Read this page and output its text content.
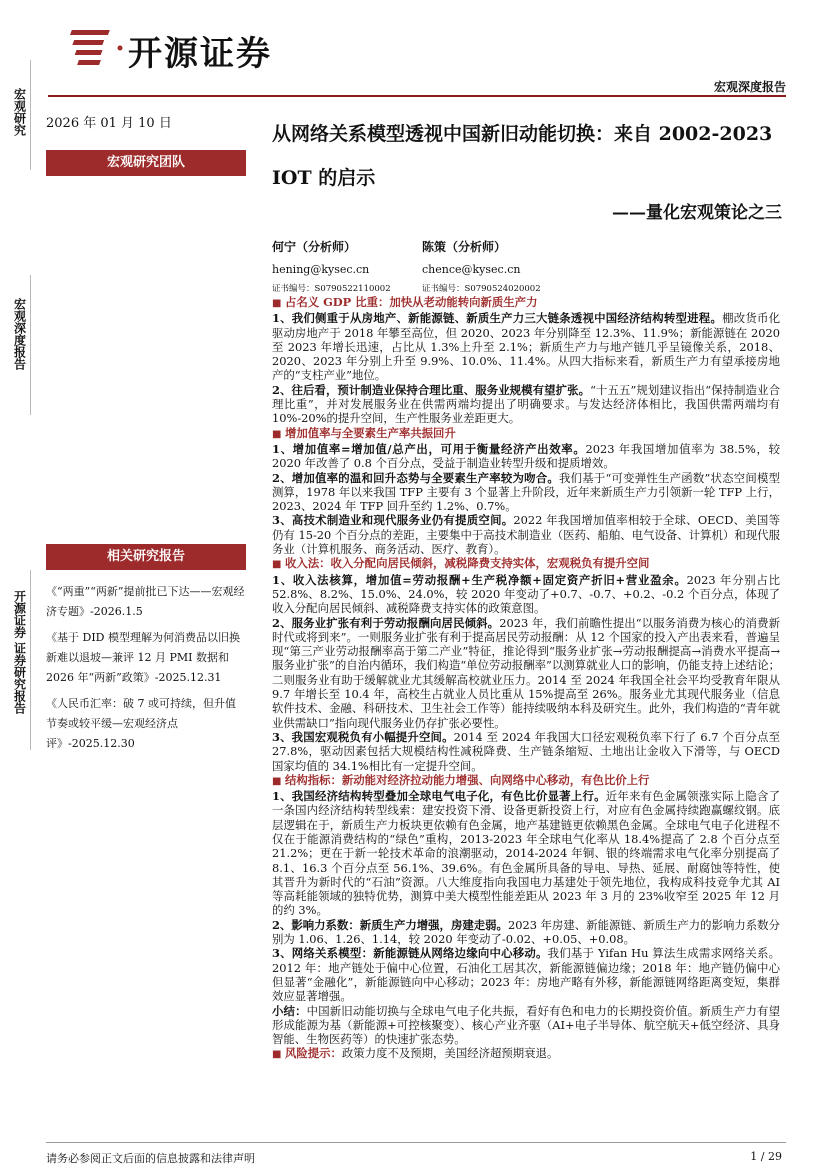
开源证券
宏观深度报告
宏观研究
宏观深度报告
开源证券 证券研究报告
2026 年 01 月 10 日
宏观研究团队
相关研究报告
《“两重”“两新”提前批已下达——宏观经济专题》-2026.1.5
《基于 DID 模型理解为何消费品以旧换新难以退坡—兼评 12 月 PMI 数据和 2026 年“两新”政策》-2025.12.31
《人民币汇率：破 7 或可持续，但升值节奏或较平缓—宏观经济点评》-2025.12.30
从网络关系模型透视中国新旧动能切换：来自 2002-2023 IOT 的启示
——量化宏观策论之三
何宁（分析师）
hening@kysec.cn
证书编号：S0790522110002
陈策（分析师）
chence@kysec.cn
证书编号：S0790524020002

■ 占名义 GDP 比重：加快从老动能转向新质生产力

1、我们侧重于从房地产、新能源链、新质生产力三大链条透视中国经济结构转型进程。棚改货币化驱动房地产于 2018 年攀至高位，但 2020、2023 年分别降至 12.3%、11.9%；新能源链在 2020 至 2023 年增长迅速，占比从 1.3%上升至 2.1%；新质生产力与地产链几乎呈镜像关系，2018、2020、2023 年分别上升至 9.9%、10.0%、11.4%。从四大指标来看，新质生产力有望承接房地产的“支柱产业”地位。

2、往后看，预计制造业保持合理比重、服务业规模有望扩张。“十五五”规划建议指出“保持制造业合理比重”，并对发展服务业在供需两端均提出了明确要求。与发达经济体相比，我国供需两端均有 10%-20%的提升空间，生产性服务业差距更大。

■ 增加值率与全要素生产率共振回升

1、增加值率=增加值/总产出，可用于衡量经济产出效率。2023 年我国增加值率为 38.5%，较 2020 年改善了 0.8 个百分点，受益于制造业转型升级和提质增效。

2、增加值率的温和回升态势与全要素生产率较为吻合。我们基于“可变弹性生产函数”状态空间模型测算，1978 年以来我国 TFP 主要有 3 个显著上升阶段，近年来新质生产力引领新一轮 TFP 上行，2023、2024 年 TFP 回升至约 1.2%、0.7%。

3、高技术制造业和现代服务业仍有提质空间。2022 年我国增加值率相较于全球、OECD、美国等仍有 15-20 个百分点的差距，主要集中于高技术制造业（医药、船舶、电气设备、计算机）和现代服务业（计算机服务、商务活动、医疗、教育）。

■ 收入法：收入分配向居民倾斜，减税降费支持实体，宏观税负有提升空间

1、收入法核算，增加值=劳动报酬+生产税净额+固定资产折旧+营业盈余。2023 年分别占比 52.8%、8.2%、15.0%、24.0%，较 2020 年变动了+0.7、-0.7、+0.2、-0.2 个百分点，体现了收入分配向居民倾斜、减税降费支持实体的政策意图。

2、服务业扩张有利于劳动报酬向居民倾斜。2023 年，我们前瞻性提出“以服务消费为核心的消费新时代或将到来”。一则服务业扩张有利于提高居民劳动报酬：从 12 个国家的投入产出表来看，普遍呈现“第三产业劳动报酬率高于第二产业”特征，推论得到“服务业扩张→劳动报酬提高→消费水平提高→服务业扩张”的自治内循环，我们构造“单位劳动报酬率”以测算就业人口的影响，仍能支持上述结论；二则服务业有助于缓解就业尤其缓解高校就业压力。2014 至 2024 年我国全社会平均受教育年限从 9.7 年增长至 10.4 年，高校生占就业人员比重从 15%提高至 26%。服务业尤其现代服务业（信息软件技术、金融、科研技术、卫生社会工作等）能持续吸纳本科及研究生。此外，我们构造的“青年就业供需缺口”指向现代服务业仍存扩张必要性。

3、我国宏观税负有小幅提升空间。2014 至 2024 年我国大口径宏观税负率下行了 6.7 个百分点至 27.8%，驱动因素包括大规模结构性减税降费、生产链条缩短、土地出让金收入下滑等，与 OECD 国家均值的 34.1%相比有一定提升空间。

■ 结构指标：新动能对经济拉动能力增强、向网络中心移动，有色比价上行

1、我国经济结构转型叠加全球电气电子化，有色比价显著上行。近年来有色金属领涨实际上隐含了一条国内经济结构转型线索：建安投资下滑、设备更新投资上行，对应有色金属持续跑赢螺纹钢。底层逻辑在于，新质生产力板块更依赖有色金属，地产基建链更依赖黑色金属。全球电气电子化进程不仅在于能源消费结构的“绿色”重构，2013-2023 年全球电气化率从 18.4%提高了 2.8 个百分点至 21.2%；更在于新一轮技术革命的浪潮驱动，2014-2024 年铜、银的终端需求电气化率分别提高了 8.1、16.3 个百分点至 56.1%、39.6%。有色金属所具备的导电、导热、延展、耐腐蚀等特性，使其晋升为新时代的“石油”资源。八大维度指向我国电力基建处于领先地位，我构成科技竞争尤其 AI 等高耗能领域的独特优势，测算中美大模型性能差距从 2023 年 3 月的 23%收窄至 2025 年 12 月的约 3%。

2、影响力系数：新质生产力增强，房建走弱。2023 年房建、新能源链、新质生产力的影响力系数分别为 1.06、1.26、1.14，较 2020 年变动了-0.02、+0.05、+0.08。

3、网络关系模型：新能源链从网络边缘向中心移动。我们基于 Yifan Hu 算法生成需求网络关系。2012 年：地产链处于偏中心位置，石油化工居其次，新能源链偏边缘；2018 年：地产链仍偏中心但显著“金融化”，新能源链向中心移动；2023 年：房地产略有外移，新能源链网络距离变短，集群效应显著增强。

小结：中国新旧动能切换与全球电气电子化共振，看好有色和电力的长期投资价值。新质生产力有望形成能源为基（新能源+可控核聚变）、核心产业齐驱（AI+电子半导体、航空航天+低空经济、具身智能、生物医药等）的快速扩张态势。

■ 风险提示：政策力度不及预期，美国经济超预期衰退。

请务必参阅正文后面的信息披露和法律声明	1 / 29
